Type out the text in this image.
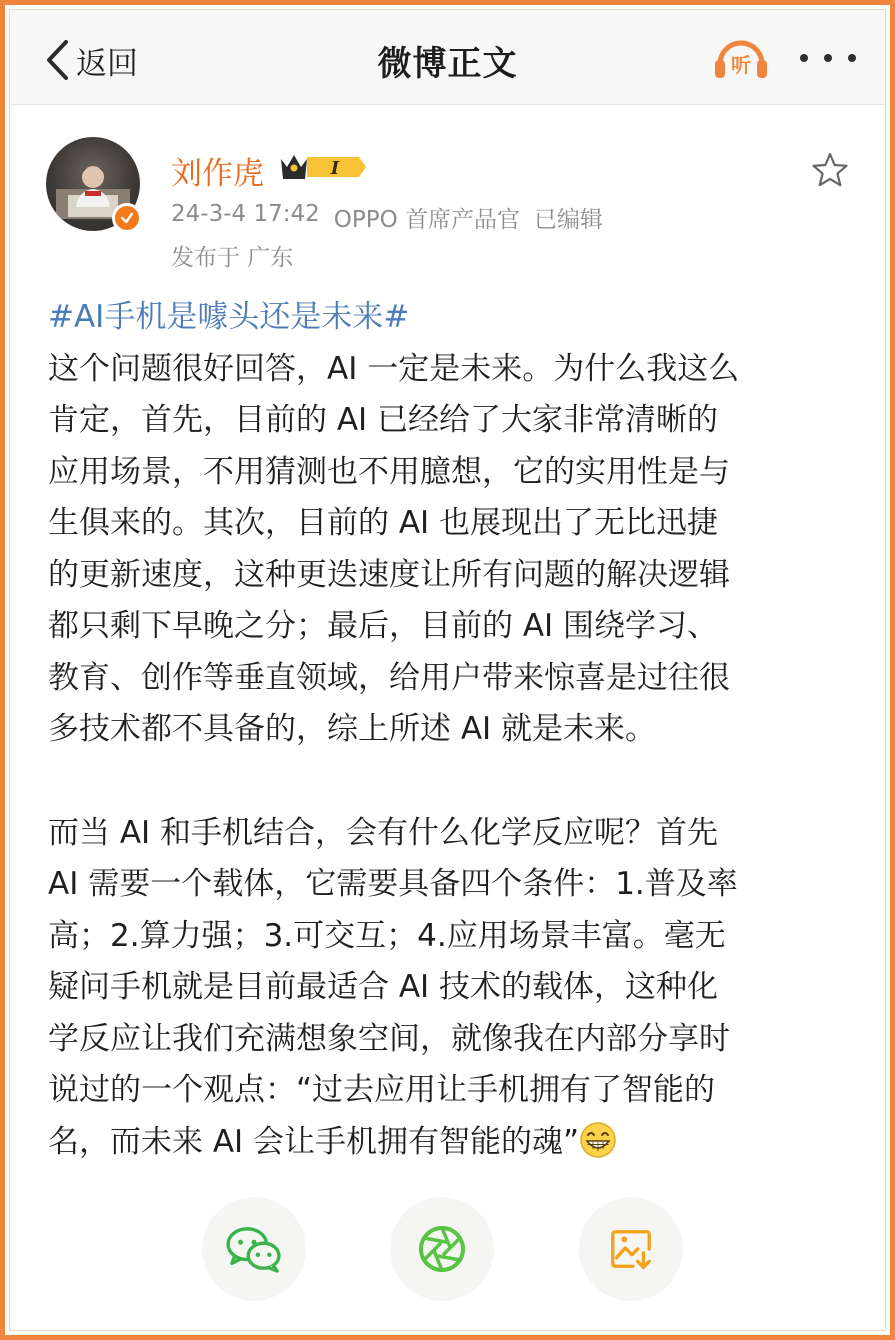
返回	微博正文	听
刘作虎	I
24-3-4 17:42 OPPO 首席产品官 已编辑
发布于 广东
#AI手机是噱头还是未来#

这个问题很好回答，AI 一定是未来。为什么我这么
肯定，首先，目前的 AI 已经给了大家非常清晰的
应用场景，不用猜测也不用臆想，它的实用性是与
生俱来的。其次，目前的 AI 也展现出了无比迅捷
的更新速度，这种更迭速度让所有问题的解决逻辑
都只剩下早晚之分；最后，目前的 AI 围绕学习、
教育、创作等垂直领域，给用户带来惊喜是过往很
多技术都不具备的，综上所述 AI 就是未来。

而当 AI 和手机结合，会有什么化学反应呢？首先
AI 需要一个载体，它需要具备四个条件：1.普及率
高；2.算力强；3.可交互；4.应用场景丰富。毫无
疑问手机就是目前最适合 AI 技术的载体，这种化
学反应让我们充满想象空间，就像我在内部分享时
说过的一个观点：“过去应用让手机拥有了智能的
名，而未来 AI 会让手机拥有智能的魂”
